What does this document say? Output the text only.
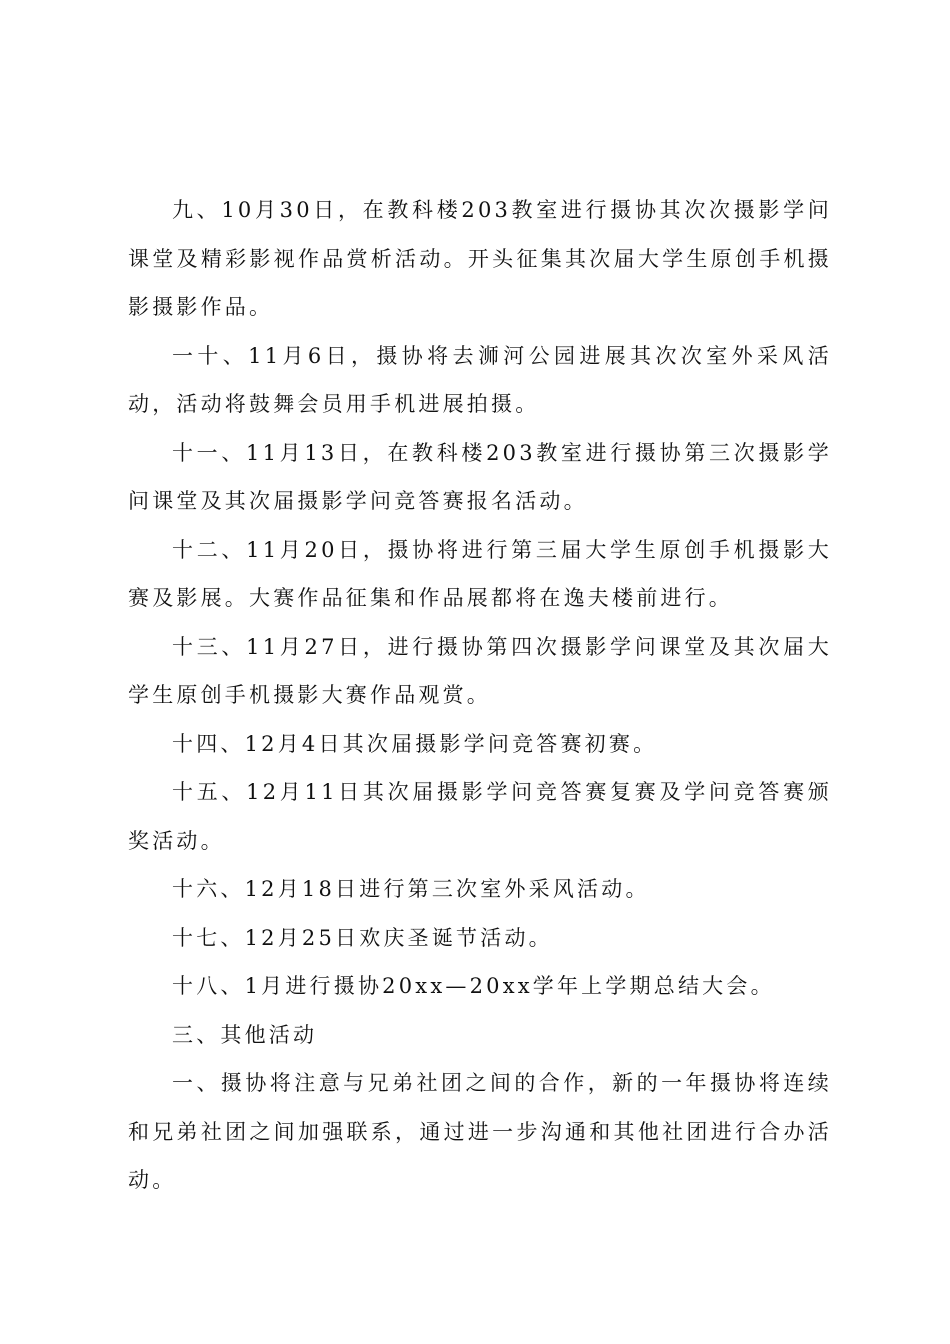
九、10月30日，在教科楼203教室进行摄协其次次摄影学问课堂及精彩影视作品赏析活动。开头征集其次届大学生原创手机摄影摄影作品。

一十、11月6日，摄协将去浉河公园进展其次次室外采风活动，活动将鼓舞会员用手机进展拍摄。

十一、11月13日，在教科楼203教室进行摄协第三次摄影学问课堂及其次届摄影学问竞答赛报名活动。

十二、11月20日，摄协将进行第三届大学生原创手机摄影大赛及影展。大赛作品征集和作品展都将在逸夫楼前进行。

十三、11月27日，进行摄协第四次摄影学问课堂及其次届大学生原创手机摄影大赛作品观赏。

十四、12月4日其次届摄影学问竞答赛初赛。

十五、12月11日其次届摄影学问竞答赛复赛及学问竞答赛颁奖活动。

十六、12月18日进行第三次室外采风活动。

十七、12月25日欢庆圣诞节活动。

十八、1月进行摄协20xx—20xx学年上学期总结大会。

三、其他活动

一、摄协将注意与兄弟社团之间的合作，新的一年摄协将连续和兄弟社团之间加强联系，通过进一步沟通和其他社团进行合办活动。
